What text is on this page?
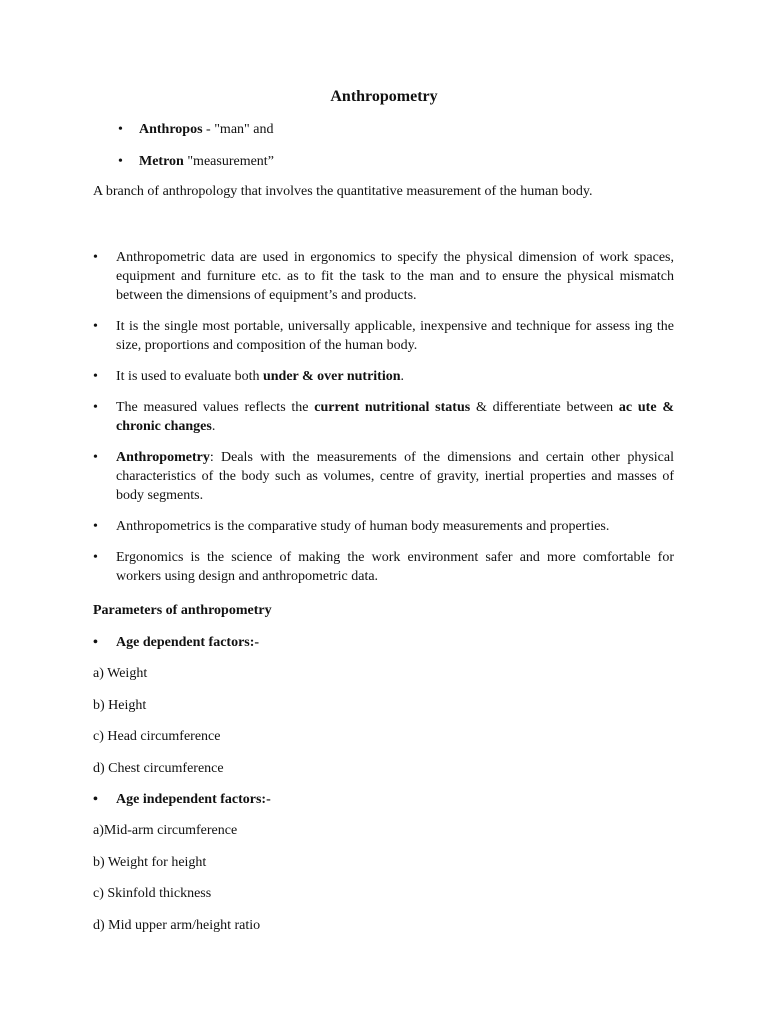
Anthropometry
• Anthropos - "man" and
• Metron "measurement”
A branch of anthropology that involves the quantitative measurement of the human body.
• Anthropometric data are used in ergonomics to specify the physical dimension of work spaces, equipment and furniture etc. as to fit the task to the man and to ensure the physical mismatch between the dimensions of equipment’s and products.
• It is the single most portable, universally applicable, inexpensive and technique for assess ing the size, proportions and composition of the human body.
• It is used to evaluate both under & over nutrition.
• The measured values reflects the current nutritional status & differentiate between ac ute & chronic changes.
• Anthropometry: Deals with the measurements of the dimensions and certain other physical characteristics of the body such as volumes, centre of gravity, inertial properties and masses of body segments.
• Anthropometrics is the comparative study of human body measurements and properties.
• Ergonomics is the science of making the work environment safer and more comfortable for workers using design and anthropometric data.
Parameters of anthropometry
• Age dependent factors:-
a) Weight
b) Height
c) Head circumference
d) Chest circumference
• Age independent factors:-
a)Mid-arm circumference
b) Weight for height
c) Skinfold thickness
d) Mid upper arm/height ratio
